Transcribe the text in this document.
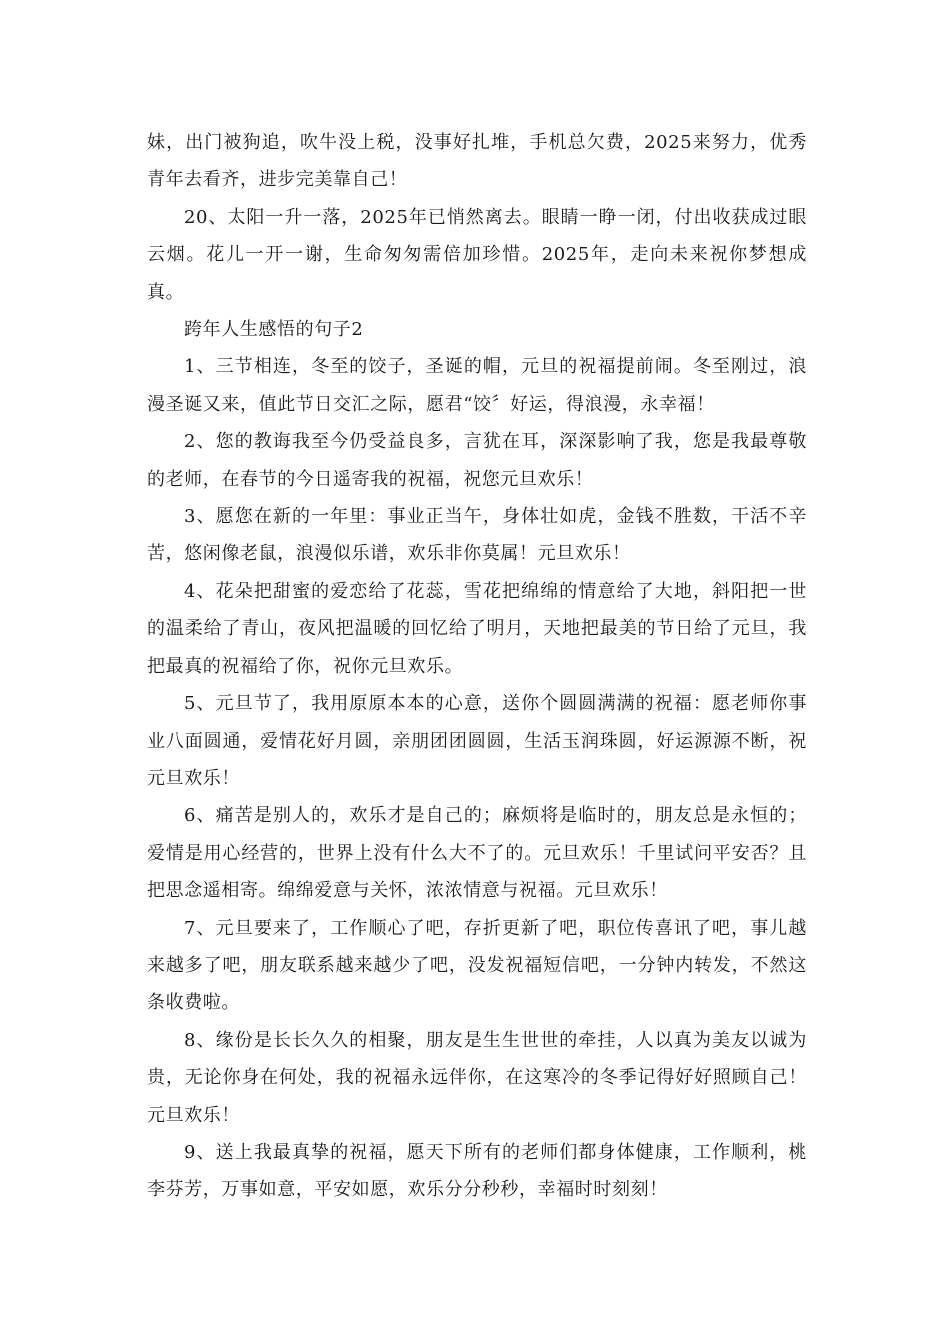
妹，出门被狗追，吹牛没上税，没事好扎堆，手机总欠费，2025来努力，优秀青年去看齐，进步完美靠自己！

20、太阳一升一落，2025年已悄然离去。眼睛一睁一闭，付出收获成过眼云烟。花儿一开一谢，生命匆匆需倍加珍惜。2025年，走向未来祝你梦想成真。

跨年人生感悟的句子2

1、三节相连，冬至的饺子，圣诞的帽，元旦的祝福提前闹。冬至刚过，浪漫圣诞又来，值此节日交汇之际，愿君“饺〞好运，得浪漫，永幸福！

2、您的教诲我至今仍受益良多，言犹在耳，深深影响了我，您是我最尊敬的老师，在春节的今日遥寄我的祝福，祝您元旦欢乐！

3、愿您在新的一年里：事业正当午，身体壮如虎，金钱不胜数，干活不辛苦，悠闲像老鼠，浪漫似乐谱，欢乐非你莫属！元旦欢乐！

4、花朵把甜蜜的爱恋给了花蕊，雪花把绵绵的情意给了大地，斜阳把一世的温柔给了青山，夜风把温暖的回忆给了明月，天地把最美的节日给了元旦，我把最真的祝福给了你，祝你元旦欢乐。

5、元旦节了，我用原原本本的心意，送你个圆圆满满的祝福：愿老师你事业八面圆通，爱情花好月圆，亲朋团团圆圆，生活玉润珠圆，好运源源不断，祝元旦欢乐！

6、痛苦是别人的，欢乐才是自己的；麻烦将是临时的，朋友总是永恒的；爱情是用心经营的，世界上没有什么大不了的。元旦欢乐！千里试问平安否？且把思念遥相寄。绵绵爱意与关怀，浓浓情意与祝福。元旦欢乐！

7、元旦要来了，工作顺心了吧，存折更新了吧，职位传喜讯了吧，事儿越来越多了吧，朋友联系越来越少了吧，没发祝福短信吧，一分钟内转发，不然这条收费啦。

8、缘份是长长久久的相聚，朋友是生生世世的牵挂，人以真为美友以诚为贵，无论你身在何处，我的祝福永远伴你，在这寒冷的冬季记得好好照顾自己！元旦欢乐！

9、送上我最真挚的祝福，愿天下所有的老师们都身体健康，工作顺利，桃李芬芳，万事如意，平安如愿，欢乐分分秒秒，幸福时时刻刻！
